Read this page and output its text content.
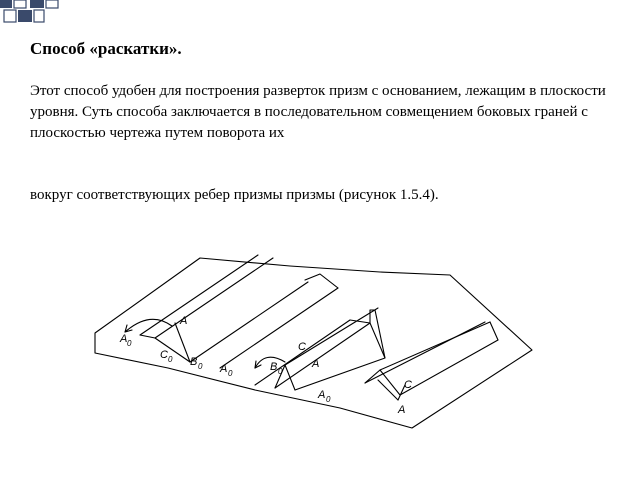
Способ «раскатки».

Этот способ удобен для построения разверток призм с основанием, лежащим в плоскости уровня. Суть способа заключается в последовательном совмещением боковых граней с плоскостью чертежа путем поворота их

вокруг соответствующих ребер призмы призмы (рисунок 1.5.4).

A
A 0
C 0
C
B 0	B 0
A 0
A
A 0
C
A
